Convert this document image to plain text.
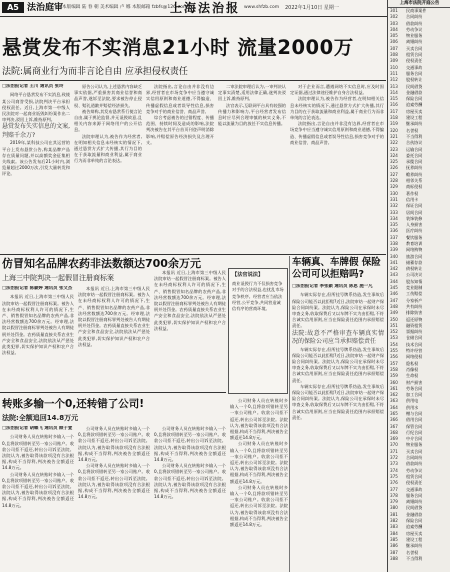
A5 法治庭审
本版编辑 陆 春 朝 美术编辑 卢 娜 本版邮箱 fzbfs@126.com
上海法治报 www.shfzb.com 2022年1月10日 星期一
悬赏发布不实消息21小时 流量2000万
法院:属商业行为而非言论自由 应承担侵权责任
□法治报记者 王川 通讯员 张玲

网络平台悬赏发布不实消息,致使某公司商誉受损,法院判决平台承担侵权责任。近日,上海市第一中级人民法院对一起商业诋毁纠纷案作出二审判决,驳回上诉,维持原判。

悬赏发布失实信息的文案,判赔千余万?

2019年,某科技公司在其运营的平台上发布悬赏公告,称某品牌产品存在质量问题,并以高额奖金征集相关线索。该公告发布后21小时内,浏览量超过2000万次,引发大量转发和评论。

原告公司认为,上述悬赏内容缺乏事实依据,严重损害其商业信誉和商品声誉,遂诉至法院,要求被告停止侵权、赔礼道歉并赔偿经济损失。

被告辩称,其发布悬赏系行使言论自由,属于舆论监督,并无诋毁故意,且相关内容来源于网络用户的公开信息。

法院审理认为,被告作为经营者,在明知相关信息未经核实的情况下,通过悬赏方式扩大传播,其行为目的在于获取流量和商业利益,属于商业行为而非单纯的言论表达。

法院指出,言论自由并非没有边界,经营者在市场竞争中应当遵守诚实信用原则和商业道德,不得编造、传播虚假信息或者误导性信息,损害竞争对手的商业信誉、商品声誉。

综合考虑被告的过错程度、传播范围、持续时间及造成的影响,法院判决被告在其平台首页刊登声明消除影响,并赔偿原告经济损失及合理开支。

二审法院审理后认为,一审判决认定事实清楚,适用法律正确,遂判决驳回上诉,维持原判。

法官表示,互联网平台具有较强的传播力和影响力,平台经营者发布信息时应尽到合理审慎的核实义务,不能以流量为目的放任不实信息传播。

对于企业而言,遭遇网络不实信息时,应及时固定证据,通过法律途径维护自身合法权益。

法院审理认为,被告作为经营者,在明知相关信息未经核实的情况下,通过悬赏方式扩大传播,其行为目的在于获取流量和商业利益,属于商业行为而非单纯的言论表达。

法院指出,言论自由并非没有边界,经营者在市场竞争中应当遵守诚实信用原则和商业道德,不得编造、传播虚假信息或者误导性信息,损害竞争对手的商业信誉、商品声誉。

仿冒知名品牌农药非法数额达700余万元
上海三中院判决一起假冒注册商标案
□法治报记者 陈颖婷 通讯员 张文杰

本报讯 近日,上海市第三中级人民法院审结一起假冒注册商标案。被告人在未经商标权利人许可的情况下,生产、销售假冒知名品牌的农药产品,非法经营数额达700余万元。经审理,法院以假冒注册商标罪判处被告人有期徒刑并处罚金。农药质量直接关系农业生产安全和食品安全,法院依法从严惩处此类犯罪,切实保护知识产权和农户合法权益。

本报讯 近日,上海市第三中级人民法院审结一起假冒注册商标案。被告人在未经商标权利人许可的情况下,生产、销售假冒知名品牌的农药产品,非法经营数额达700余万元。经审理,法院以假冒注册商标罪判处被告人有期徒刑并处罚金。农药质量直接关系农业生产安全和食品安全,法院依法从严惩处此类犯罪,切实保护知识产权和农户合法权益。

本报讯 近日,上海市第三中级人民法院审结一起假冒注册商标案。被告人在未经商标权利人许可的情况下,生产、销售假冒知名品牌的农药产品,非法经营数额达700余万元。经审理,法院以假冒注册商标罪判处被告人有期徒刑并处罚金。农药质量直接关系农业生产安全和食品安全,法院依法从严惩处此类犯罪,切实保护知识产权和农户合法权益。

【法官说法】
商业诋毁行为不仅损害竞争对手的合法权益,也扰乱市场竞争秩序。经营者应当依法经营,公平竞争,共同营造诚信有序的营商环境。
车辆真、车牌假 保险公司可以拒赔吗?
□法治报记者 季张颖 通讯员 陈思 施一凡

车辆实际存在,但所挂号牌系伪造,发生事故后保险公司能否以此拒赔?近日,法院审结一起财产保险合同纠纷案。法院认为,保险公司在承保时未尽审查义务,收取保费后又以车牌不实为由拒赔,不符合诚实信用原则,应当在保险责任范围内承担赔偿责任。

法院:故意不严格审查车辆真实情况的保险公司应当承担赔偿责任

车辆实际存在,但所挂号牌系伪造,发生事故后保险公司能否以此拒赔?近日,法院审结一起财产保险合同纠纷案。法院认为,保险公司在承保时未尽审查义务,收取保费后又以车牌不实为由拒赔,不符合诚实信用原则,应当在保险责任范围内承担赔偿责任。

车辆实际存在,但所挂号牌系伪造,发生事故后保险公司能否以此拒赔?近日,法院审结一起财产保险合同纠纷案。法院认为,保险公司在承保时未尽审查义务,收取保费后又以车牌不实为由拒赔,不符合诚实信用原则,应当在保险责任范围内承担赔偿责任。

转账多输一个0,还转错了公司!
法院:全额追回14.8万元
□法治报记者 胡蝶飞 通讯员 顾子萱

公司财务人员在转账时多输入一个0,且将款项错转至另一家公司账户。收款公司拒不返还,转出公司诉至法院。法院认为,被告取得该款项没有合法根据,构成不当得利,判决被告全额返还14.8万元。

公司财务人员在转账时多输入一个0,且将款项错转至另一家公司账户。收款公司拒不返还,转出公司诉至法院。法院认为,被告取得该款项没有合法根据,构成不当得利,判决被告全额返还14.8万元。

公司财务人员在转账时多输入一个0,且将款项错转至另一家公司账户。收款公司拒不返还,转出公司诉至法院。法院认为,被告取得该款项没有合法根据,构成不当得利,判决被告全额返还14.8万元。

公司财务人员在转账时多输入一个0,且将款项错转至另一家公司账户。收款公司拒不返还,转出公司诉至法院。法院认为,被告取得该款项没有合法根据,构成不当得利,判决被告全额返还14.8万元。

公司财务人员在转账时多输入一个0,且将款项错转至另一家公司账户。收款公司拒不返还,转出公司诉至法院。法院认为,被告取得该款项没有合法根据,构成不当得利,判决被告全额返还14.8万元。

公司财务人员在转账时多输入一个0,且将款项错转至另一家公司账户。收款公司拒不返还,转出公司诉至法院。法院认为,被告取得该款项没有合法根据,构成不当得利,判决被告全额返还14.8万元。

公司财务人员在转账时多输入一个0,且将款项错转至另一家公司账户。收款公司拒不返还,转出公司诉至法院。法院认为,被告取得该款项没有合法根据,构成不当得利,判决被告全额返还14.8万元。

公司财务人员在转账时多输入一个0,且将款项错转至另一家公司账户。收款公司拒不返还,转出公司诉至法院。法院认为,被告取得该款项没有合法根据,构成不当得利,判决被告全额返还14.8万元。

公司财务人员在转账时多输入一个0,且将款项错转至另一家公司账户。收款公司拒不返还,转出公司诉至法院。法院认为,被告取得该款项没有合法根据,构成不当得利,判决被告全额返还14.8万元。

上海市法院开庭公告
301	民商事案件
302	合同纠纷
303	借款纠纷
304	劳动争议
305	物业服务
306	离婚纠纷
307	买卖合同
308	租赁合同
309	侵权责任
310	交通事故
311	服务合同
312	股权转让
313	民间借贷
314	金融借款
315	保险合同
316	追索劳酬
317	房屋买卖
318	建设工程
319	继承纠纷
320	名誉权
321	不当得利
322	合伙协议
323	运输合同
324	委托合同
325	承揽合同
326	抚养纠纷
327	赡养纠纷
328	相邻关系
329	商标侵权
330	著作权
331	信用卡
332	保证合同
333	居间合同
334	装饰装修
335	人身损害
336	医疗纠纷
337	餐饮服务
338	教育培训
339	网络购物
340	旅游合同
341	储蓄存款
342	债权转让
343	公司决议
344	股东知情
345	竞业限制
346	工伤赔偿
347	分家析产
348	共有纠纷
349	排除妨害
350	返还原物
351	融资租赁
352	票据纠纷
353	仓储合同
354	技术合同
355	特许经营
356	网络侵权
357	隐私权
358	肖像权
359	生命权
360	财产损害
361	劳务合同
362	加工合同
363	供用电
364	供用水
365	赠与合同
366	借用合同
367	保管合同
368	行纪合同
369	中介合同
370	物业服务
371	买卖合同
372	合同纠纷
373	借款纠纷
374	劳动争议
375	租赁合同
376	侵权责任
377	交通事故
378	服务合同
379	离婚纠纷
380	民间借贷
381	金融借款
382	保险合同
383	追索劳酬
384	房屋买卖
385	建设工程
386	继承纠纷
387	名誉权
388	不当得利
